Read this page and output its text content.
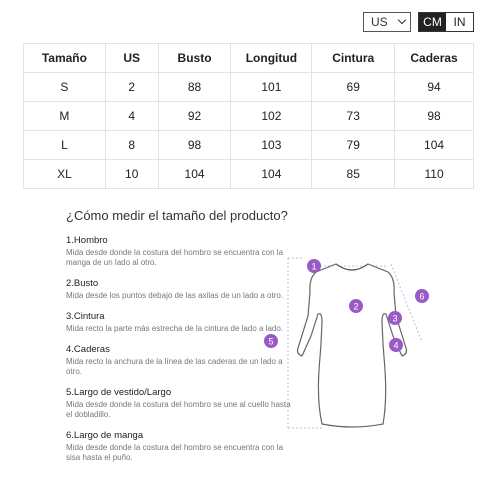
US	CM IN
Tamaño	US	Busto	Longitud	Cintura	Caderas
S	2	88	101	69	94
M	4	92	102	73	98
L	8	98	103	79	104
XL	10	104	104	85	110
¿Cómo medir el tamaño del producto?
1.Hombro
Mida desde donde la costura del hombro se encuentra con la manga de un lado al otro.
2.Busto
Mida desde los puntos debajo de las axilas de un lado a otro.
3.Cintura
Mida recto la parte más estrecha de la cintura de lado a lado.
4.Caderas
Mida recto la anchura de la línea de las caderas de un lado a otro.
5.Largo de vestido/Largo
Mida desde donde la costura del hombro se une al cuello hasta el dobladillo.
6.Largo de manga
Mida desde donde la costura del hombro se encuentra con la sisa hasta el puño.
1
2
3
4
5
6
